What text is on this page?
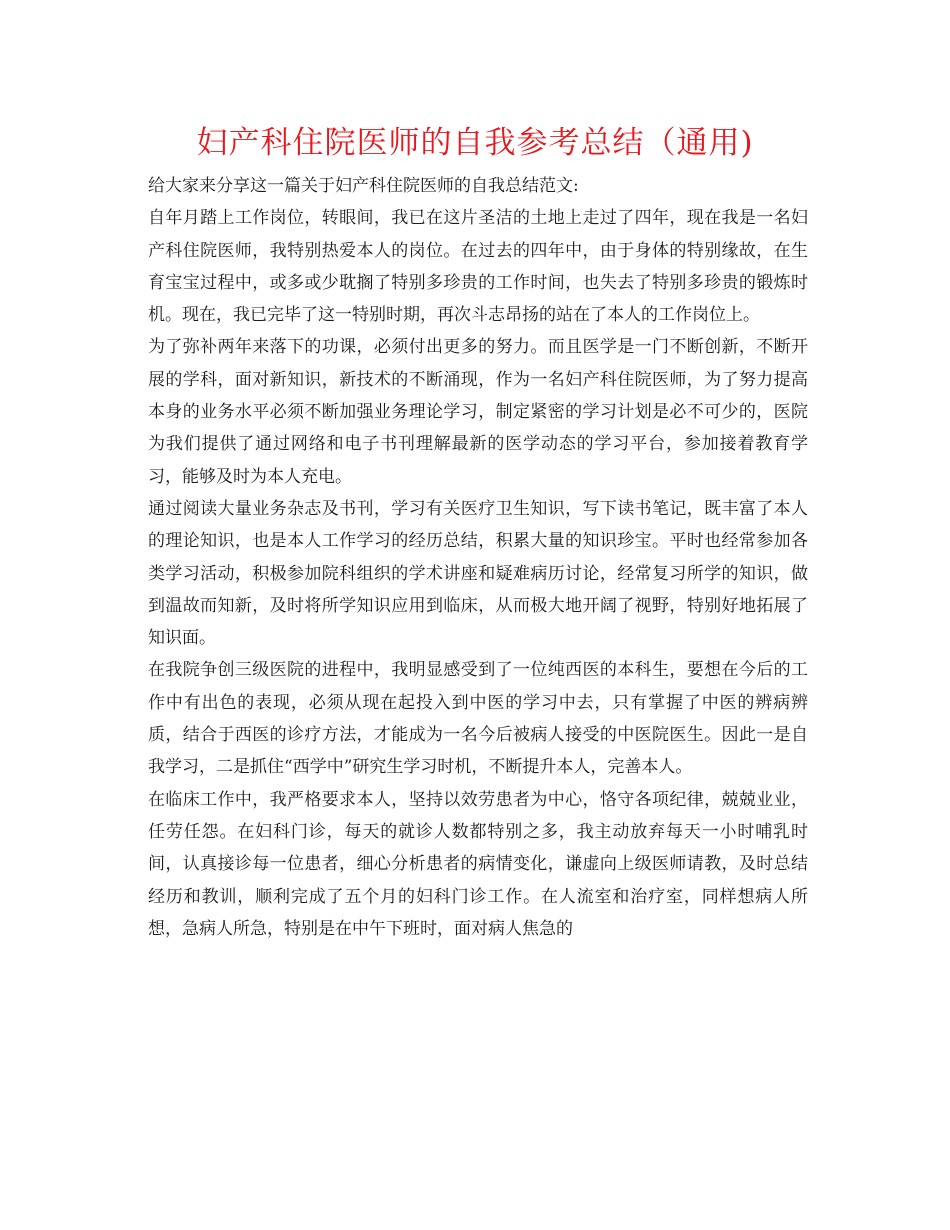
妇产科住院医师的自我参考总结（通用)

给大家来分享这一篇关于妇产科住院医师的自我总结范文:

自年月踏上工作岗位，转眼间，我已在这片圣洁的土地上走过了四年，现在我是一名妇产科住院医师，我特别热爱本人的岗位。在过去的四年中，由于身体的特别缘故，在生育宝宝过程中，或多或少耽搁了特别多珍贵的工作时间，也失去了特别多珍贵的锻炼时机。现在，我已完毕了这一特别时期，再次斗志昂扬的站在了本人的工作岗位上。

为了弥补两年来落下的功课，必须付出更多的努力。而且医学是一门不断创新，不断开展的学科，面对新知识，新技术的不断涌现，作为一名妇产科住院医师，为了努力提高本身的业务水平必须不断加强业务理论学习，制定紧密的学习计划是必不可少的，医院为我们提供了通过网络和电子书刊理解最新的医学动态的学习平台，参加接着教育学习，能够及时为本人充电。

通过阅读大量业务杂志及书刊，学习有关医疗卫生知识，写下读书笔记，既丰富了本人的理论知识，也是本人工作学习的经历总结，积累大量的知识珍宝。平时也经常参加各类学习活动，积极参加院科组织的学术讲座和疑难病历讨论，经常复习所学的知识，做到温故而知新，及时将所学知识应用到临床，从而极大地开阔了视野，特别好地拓展了知识面。

在我院争创三级医院的进程中，我明显感受到了一位纯西医的本科生，要想在今后的工作中有出色的表现，必须从现在起投入到中医的学习中去，只有掌握了中医的辨病辨质，结合于西医的诊疗方法，才能成为一名今后被病人接受的中医院医生。因此一是自我学习，二是抓住“西学中”研究生学习时机，不断提升本人，完善本人。

在临床工作中，我严格要求本人，坚持以效劳患者为中心，恪守各项纪律，兢兢业业，任劳任怨。在妇科门诊，每天的就诊人数都特别之多，我主动放弃每天一小时哺乳时间，认真接诊每一位患者，细心分析患者的病情变化，谦虚向上级医师请教，及时总结经历和教训，顺利完成了五个月的妇科门诊工作。在人流室和治疗室，同样想病人所想，急病人所急，特别是在中午下班时，面对病人焦急的
